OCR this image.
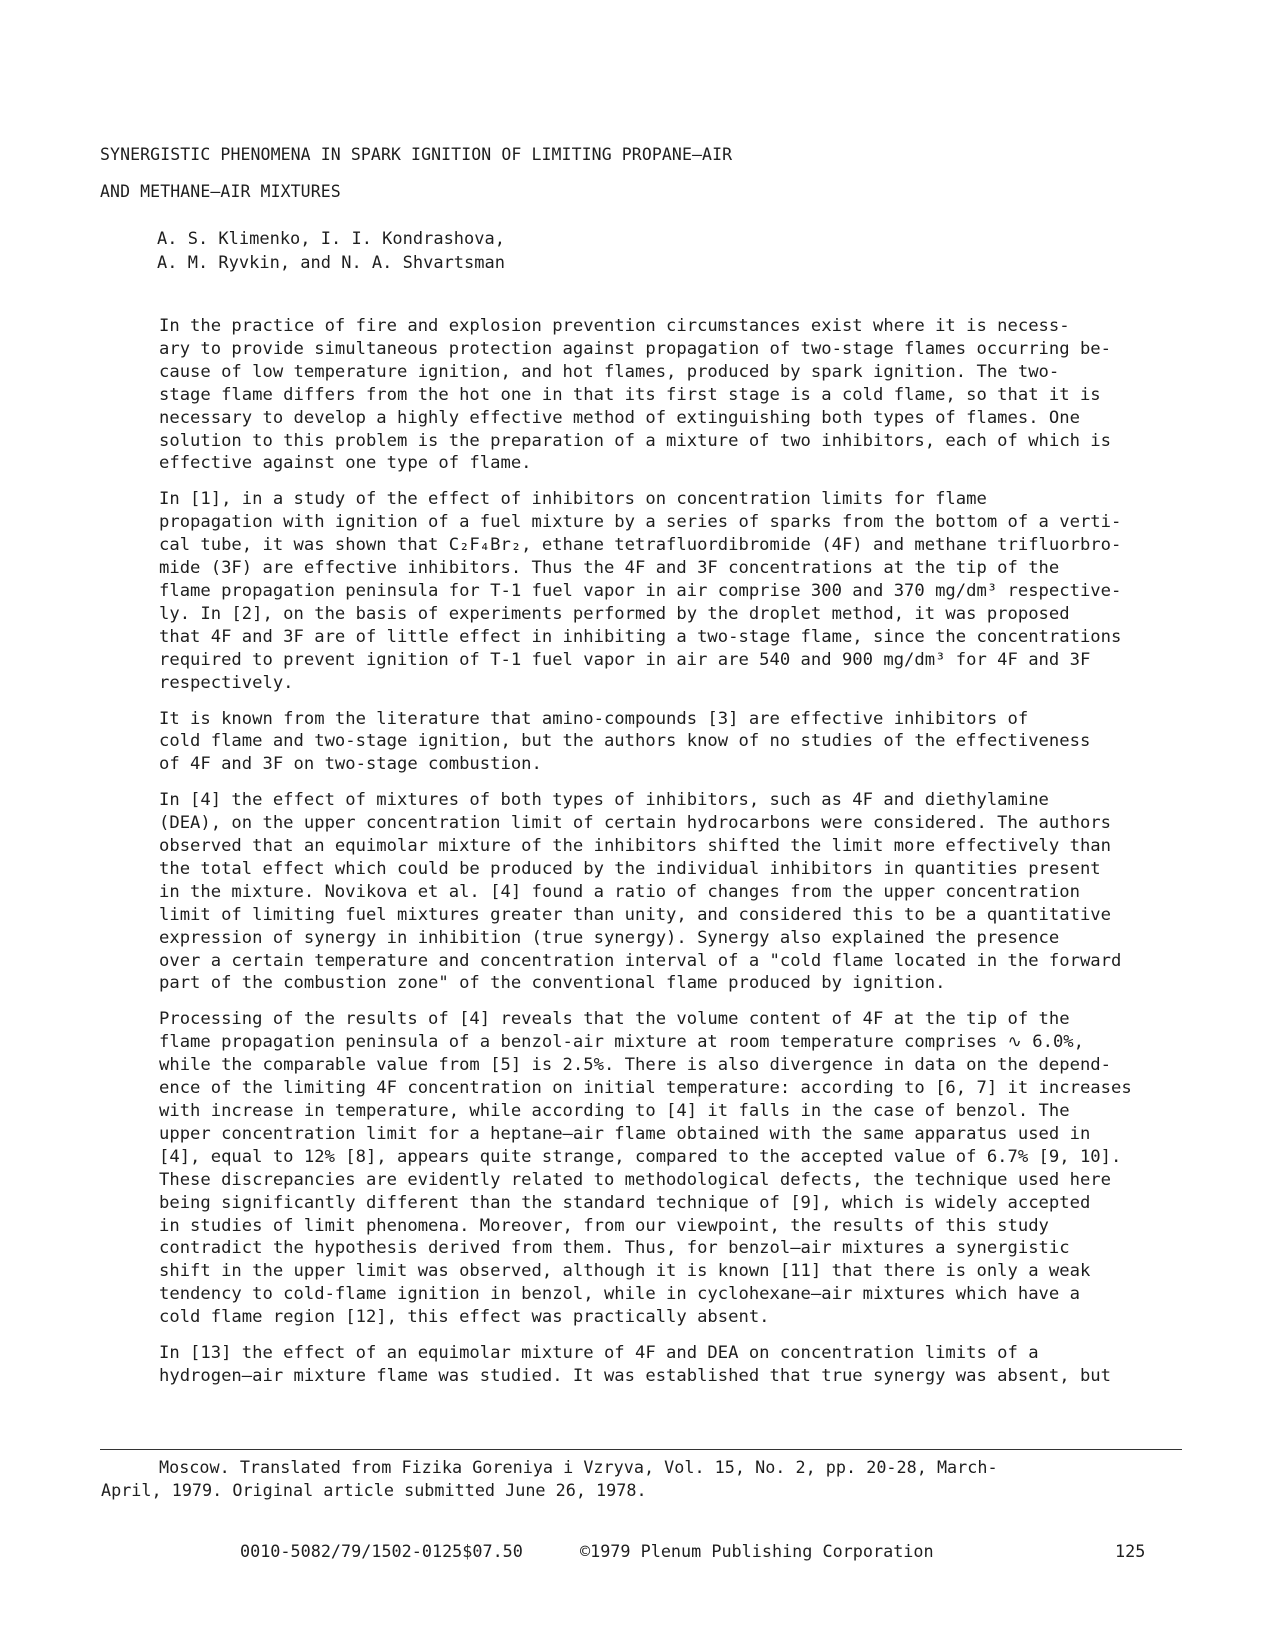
SYNERGISTIC PHENOMENA IN SPARK IGNITION OF LIMITING PROPANE—AIR
AND METHANE—AIR MIXTURES
A. S. Klimenko, I. I. Kondrashova,
A. M. Ryvkin, and N. A. Shvartsman

In the practice of fire and explosion prevention circumstances exist where it is necess-
ary to provide simultaneous protection against propagation of two-stage flames occurring be-
cause of low temperature ignition, and hot flames, produced by spark ignition. The two-
stage flame differs from the hot one in that its first stage is a cold flame, so that it is
necessary to develop a highly effective method of extinguishing both types of flames. One
solution to this problem is the preparation of a mixture of two inhibitors, each of which is
effective against one type of flame.

In [1], in a study of the effect of inhibitors on concentration limits for flame
propagation with ignition of a fuel mixture by a series of sparks from the bottom of a verti-
cal tube, it was shown that C₂F₄Br₂, ethane tetrafluordibromide (4F) and methane trifluorbro-
mide (3F) are effective inhibitors. Thus the 4F and 3F concentrations at the tip of the
flame propagation peninsula for T-1 fuel vapor in air comprise 300 and 370 mg/dm³ respective-
ly. In [2], on the basis of experiments performed by the droplet method, it was proposed
that 4F and 3F are of little effect in inhibiting a two-stage flame, since the concentrations
required to prevent ignition of T-1 fuel vapor in air are 540 and 900 mg/dm³ for 4F and 3F
respectively.

It is known from the literature that amino-compounds [3] are effective inhibitors of
cold flame and two-stage ignition, but the authors know of no studies of the effectiveness
of 4F and 3F on two-stage combustion.

In [4] the effect of mixtures of both types of inhibitors, such as 4F and diethylamine
(DEA), on the upper concentration limit of certain hydrocarbons were considered. The authors
observed that an equimolar mixture of the inhibitors shifted the limit more effectively than
the total effect which could be produced by the individual inhibitors in quantities present
in the mixture. Novikova et al. [4] found a ratio of changes from the upper concentration
limit of limiting fuel mixtures greater than unity, and considered this to be a quantitative
expression of synergy in inhibition (true synergy). Synergy also explained the presence
over a certain temperature and concentration interval of a "cold flame located in the forward
part of the combustion zone" of the conventional flame produced by ignition.

Processing of the results of [4] reveals that the volume content of 4F at the tip of the
flame propagation peninsula of a benzol-air mixture at room temperature comprises ∿ 6.0%,
while the comparable value from [5] is 2.5%. There is also divergence in data on the depend-
ence of the limiting 4F concentration on initial temperature: according to [6, 7] it increases
with increase in temperature, while according to [4] it falls in the case of benzol. The
upper concentration limit for a heptane—air flame obtained with the same apparatus used in
[4], equal to 12% [8], appears quite strange, compared to the accepted value of 6.7% [9, 10].
These discrepancies are evidently related to methodological defects, the technique used here
being significantly different than the standard technique of [9], which is widely accepted
in studies of limit phenomena. Moreover, from our viewpoint, the results of this study
contradict the hypothesis derived from them. Thus, for benzol—air mixtures a synergistic
shift in the upper limit was observed, although it is known [11] that there is only a weak
tendency to cold-flame ignition in benzol, while in cyclohexane—air mixtures which have a
cold flame region [12], this effect was practically absent.

In [13] the effect of an equimolar mixture of 4F and DEA on concentration limits of a
hydrogen—air mixture flame was studied. It was established that true synergy was absent, but

Moscow. Translated from Fizika Goreniya i Vzryva, Vol. 15, No. 2, pp. 20-28, March-
April, 1979. Original article submitted June 26, 1978.
0010-5082/79/1502-0125$07.50	©1979 Plenum Publishing Corporation	125
